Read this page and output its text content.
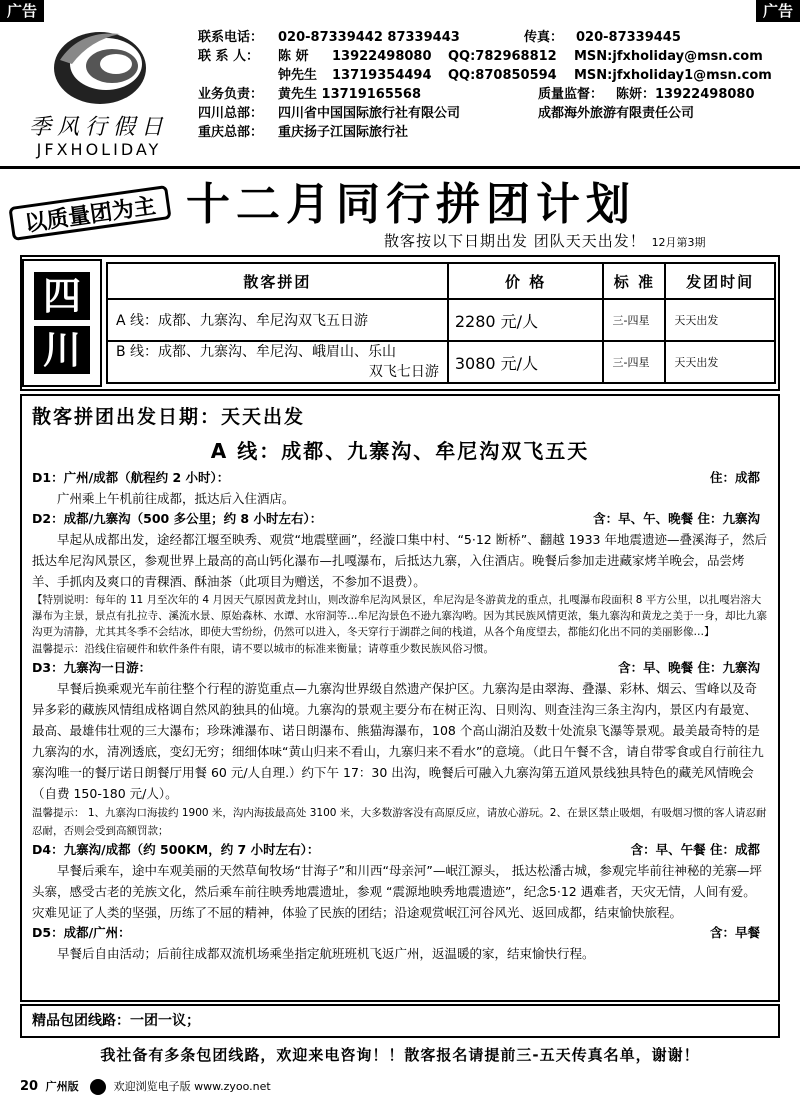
广告	广告
季风行假日
JFXHOLIDAY
联系电话： 020-87339442 87339443	传真： 020-87339445
联 系 人： 陈 妍 13922498080 QQ:782968812 MSN:jfxholiday@msn.com
钟先生 13719354494 QQ:870850594 MSN:jfxholiday1@msn.com
业务负责： 黄先生 13719165568	质量监督： 陈妍：13922498080
四川总部： 四川省中国国际旅行社有限公司	成都海外旅游有限责任公司
重庆总部： 重庆扬子江国际旅行社
以质量团为主 十二月同行拼团计划
散客按以下日期出发 团队天天出发！ 12月第3期
四
川
散客拼团	价 格	标 准	发团时间
A 线：成都、九寨沟、牟尼沟双飞五日游	2280 元/人	三-四星	天天出发
B 线：成都、九寨沟、牟尼沟、峨眉山、乐山
双飞七日游	3080 元/人	三-四星	天天出发
散客拼团出发日期：天天出发
A 线：成都、九寨沟、牟尼沟双飞五天
D1：广州/成都（航程约 2 小时）：	住：成都
广州乘上午机前往成都，抵达后入住酒店。
D2：成都/九寨沟（500 多公里；约 8 小时左右）：	含：早、午、晚餐 住：九寨沟
早起从成都出发，途经都江堰至映秀、观赏“地震壁画”，经漩口集中村、“5·12 断桥”、翻越 1933 年地震遗迹—叠溪海子，然后抵达牟尼沟风景区，参观世界上最高的高山钙化瀑布—扎嘎瀑布，后抵达九寨，入住酒店。晚餐后参加走进藏家烤羊晚会，品尝烤羊、手抓肉及爽口的青稞酒、酥油茶（此项目为赠送，不参加不退费）。
【特别说明：每年的 11 月至次年的 4 月因天气原因黄龙封山，则改游牟尼沟风景区，牟尼沟是冬游黄龙的重点，扎嘎瀑布段面积 8 平方公里，以扎嘎岩溶大瀑布为主景，景点有扎拉寺、溪流水景、原始森林、水谭、水帘洞等…牟尼沟景色不逊九寨沟哟。因为其民族风情更浓，集九寨沟和黄龙之美于一身，却比九寨沟更为清静，尤其其冬季不会结冰，即使大雪纷纷，仍然可以进入，冬天穿行于湖群之间的栈道，从各个角度望去，都能幻化出不同的美丽影像…】
温馨提示：沿线住宿硬件和软件条件有限，请不要以城市的标准来衡量；请尊重少数民族风俗习惯。
D3：九寨沟一日游：	含：早、晚餐 住：九寨沟
早餐后换乘观光车前往整个行程的游览重点—九寨沟世界级自然遗产保护区。九寨沟是由翠海、叠瀑、彩林、烟云、雪峰以及奇异多彩的藏族风情组成格调自然风韵独具的仙境。九寨沟的景观主要分布在树正沟、日则沟、则查洼沟三条主沟内，景区内有最宽、最高、最雄伟壮观的三大瀑布；珍珠滩瀑布、诺日朗瀑布、熊猫海瀑布，108 个高山湖泊及数十处流泉飞瀑等景观。最美最奇特的是九寨沟的水，清冽透底，变幻无穷；细细体味“黄山归来不看山，九寨归来不看水”的意境。（此日午餐不含，请自带零食或自行前往九寨沟唯一的餐厅诺日朗餐厅用餐 60 元/人自理.）约下午 17：30 出沟，晚餐后可融入九寨沟第五道风景线独具特色的藏羌风情晚会（自费 150-180 元/人）。
温馨提示： 1、九寨沟口海拔约 1900 米，沟内海拔最高处 3100 米，大多数游客没有高原反应，请放心游玩。2、在景区禁止吸烟，有吸烟习惯的客人请忍耐忍耐，否则会受到高额罚款；
D4：九寨沟/成都（约 500KM，约 7 小时左右）：	含：早、午餐 住：成都
早餐后乘车，途中车观美丽的天然草甸牧场“甘海子”和川西“母亲河”—岷江源头， 抵达松潘古城，参观完毕前往神秘的羌寨—坪头寨，感受古老的羌族文化，然后乘车前往映秀地震遗址，参观 “震源地映秀地震遗迹”，纪念5·12 遇难者，天灾无情，人间有爱。灾难见证了人类的坚强，历练了不屈的精神，体验了民族的团结；沿途观赏岷江河谷风光、返回成都，结束愉快旅程。
D5：成都/广州：	含：早餐
早餐后自由活动；后前往成都双流机场乘坐指定航班班机飞返广州，返温暖的家，结束愉快行程。
精品包团线路：一团一议；
我社备有多条包团线路，欢迎来电咨询！！散客报名请提前三-五天传真名单，谢谢！
20 广州版	欢迎浏览电子版 www.zyoo.net
